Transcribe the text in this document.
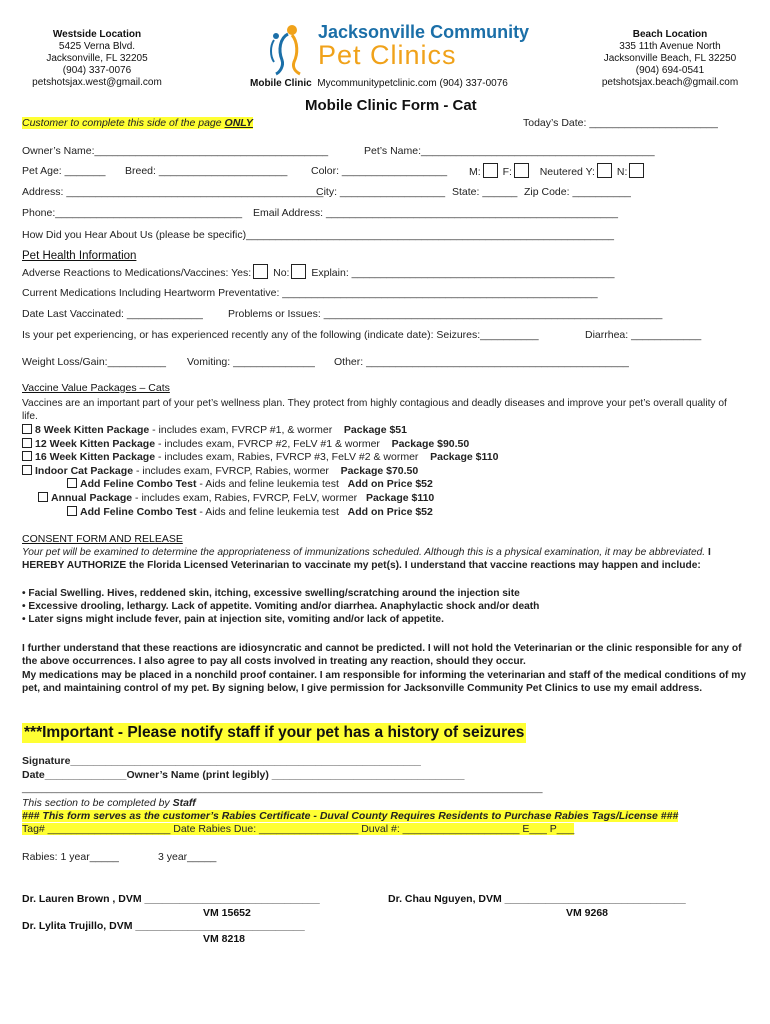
Westside Location
5425 Verna Blvd.
Jacksonville, FL 32205
(904) 337-0076
petshotsjax.west@gmail.com
Jacksonville Community
Pet Clinics
Mobile Clinic Mycommunitypetclinic.com (904) 337-0076
Beach Location
335 11th Avenue North
Jacksonville Beach, FL 32250
(904) 694-0541
petshotsjax.beach@gmail.com
Mobile Clinic Form - Cat
Customer to complete this side of the page ONLY	Today’s Date: ______________________
Owner’s Name:________________________________________	Pet’s Name:________________________________________
Pet Age: _______ Breed: ______________________ Color: __________________ M: F:	Neutered Y: N:
Address: ____________________________________________
City: __________________ State: ______ Zip Code: __________
Phone:________________________________ Email Address: __________________________________________________
How Did you Hear About Us (please be specific)_______________________________________________________________
Pet Health Information
Adverse Reactions to Medications/Vaccines: Yes: No: Explain: _____________________________________________
Current Medications Including Heartworm Preventative: ______________________________________________________
Date Last Vaccinated: _____________ Problems or Issues: __________________________________________________________
Is your pet experiencing, or has experienced recently any of the following (indicate date): Seizures:__________	Diarrhea: ____________
Weight Loss/Gain:__________ Vomiting: ______________ Other: _____________________________________________
Vaccine Value Packages – Cats
Vaccines are an important part of your pet’s wellness plan. They protect from highly contagious and deadly diseases and improve your pet’s overall quality of life.
8 Week Kitten Package - includes exam, FVRCP #1, & wormer Package $51
12 Week Kitten Package - includes exam, FVRCP #2, FeLV #1 & wormer Package $90.50
16 Week Kitten Package - includes exam, Rabies, FVRCP #3, FeLV #2 & wormer Package $110
Indoor Cat Package - includes exam, FVRCP, Rabies, wormer Package $70.50
Add Feline Combo Test - Aids and feline leukemia test Add on Price $52
Annual Package - includes exam, Rabies, FVRCP, FeLV, wormer Package $110
Add Feline Combo Test - Aids and feline leukemia test Add on Price $52
CONSENT FORM AND RELEASE
Your pet will be examined to determine the appropriateness of immunizations scheduled. Although this is a physical examination, it may be abbreviated. I HEREBY AUTHORIZE the Florida Licensed Veterinarian to vaccinate my pet(s). I understand that vaccine reactions may happen and include:
• Facial Swelling. Hives, reddened skin, itching, excessive swelling/scratching around the injection site
• Excessive drooling, lethargy. Lack of appetite. Vomiting and/or diarrhea. Anaphylactic shock and/or death
• Later signs might include fever, pain at injection site, vomiting and/or lack of appetite.
I further understand that these reactions are idiosyncratic and cannot be predicted. I will not hold the Veterinarian or the clinic responsible for any of the above occurrences. I also agree to pay all costs involved in treating any reaction, should they occur.
My medications may be placed in a nonchild proof container. I am responsible for informing the veterinarian and staff of the medical conditions of my pet, and maintaining control of my pet. By signing below, I give permission for Jacksonville Community Pet Clinics to use my email address.
***Important - Please notify staff if your pet has a history of seizures
Signature____________________________________________________________
Date______________Owner’s Name (print legibly) _________________________________
________________________________________________________________________________________________________
This section to be completed by Staff
### This form serves as the customer’s Rabies Certificate - Duval County Requires Residents to Purchase Rabies Tags/License ###
Tag# _____________________ Date Rabies Due: _________________ Duval #: ____________________ E___ P___
Rabies: 1 year_____	3 year_____
Dr. Lauren Brown , DVM ______________________________
VM 15652
Dr. Chau Nguyen, DVM _______________________________
VM 9268
Dr. Lylita Trujillo, DVM _____________________________
VM 8218
